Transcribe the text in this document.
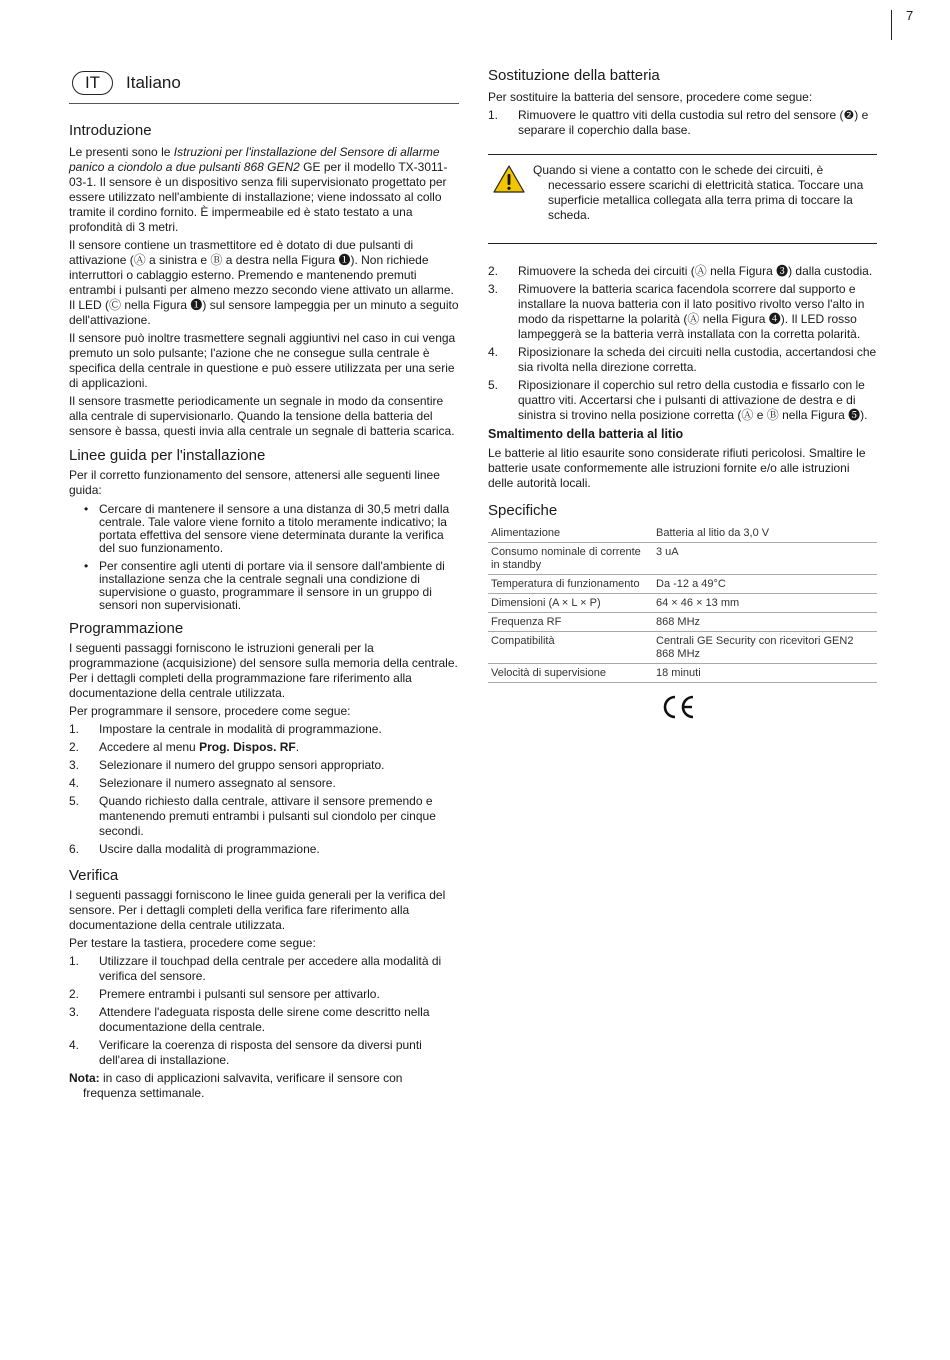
7
IT	Italiano
Introduzione

Le presenti sono le Istruzioni per l'installazione del Sensore di allarme panico a ciondolo a due pulsanti 868 GEN2 GE per il modello TX-3011-03-1. Il sensore è un dispositivo senza fili supervisionato progettato per essere utilizzato nell'ambiente di installazione; viene indossato al collo tramite il cordino fornito. È impermeabile ed è stato testato a una profondità di 3 metri.

Il sensore contiene un trasmettitore ed è dotato di due pulsanti di attivazione (Ⓐ a sinistra e Ⓑ a destra nella Figura ❶). Non richiede interruttori o cablaggio esterno. Premendo e mantenendo premuti entrambi i pulsanti per almeno mezzo secondo viene attivato un allarme. Il LED (Ⓒ nella Figura ❶) sul sensore lampeggia per un minuto a seguito dell'attivazione.

Il sensore può inoltre trasmettere segnali aggiuntivi nel caso in cui venga premuto un solo pulsante; l'azione che ne consegue sulla centrale è specifica della centrale in questione e può essere utilizzata per una serie di applicazioni.

Il sensore trasmette periodicamente un segnale in modo da consentire alla centrale di supervisionarlo. Quando la tensione della batteria del sensore è bassa, questi invia alla centrale un segnale di batteria scarica.

Linee guida per l'installazione

Per il corretto funzionamento del sensore, attenersi alle seguenti linee guida:

• Cercare di mantenere il sensore a una distanza di 30,5 metri dalla centrale. Tale valore viene fornito a titolo meramente indicativo; la portata effettiva del sensore viene determinata durante la verifica del suo funzionamento.
• Per consentire agli utenti di portare via il sensore dall'ambiente di installazione senza che la centrale segnali una condizione di supervisione o guasto, programmare il sensore in un gruppo di sensori non supervisionati.
Programmazione

I seguenti passaggi forniscono le istruzioni generali per la programmazione (acquisizione) del sensore sulla memoria della centrale. Per i dettagli completi della programmazione fare riferimento alla documentazione della centrale utilizzata.

Per programmare il sensore, procedere come segue:

1. Impostare la centrale in modalità di programmazione.
2. Accedere al menu Prog. Dispos. RF.
3. Selezionare il numero del gruppo sensori appropriato.
4. Selezionare il numero assegnato al sensore.
5. Quando richiesto dalla centrale, attivare il sensore premendo e mantenendo premuti entrambi i pulsanti sul ciondolo per cinque secondi.
6. Uscire dalla modalità di programmazione.
Verifica

I seguenti passaggi forniscono le linee guida generali per la verifica del sensore. Per i dettagli completi della verifica fare riferimento alla documentazione della centrale utilizzata.

Per testare la tastiera, procedere come segue:

1. Utilizzare il touchpad della centrale per accedere alla modalità di verifica del sensore.
2. Premere entrambi i pulsanti sul sensore per attivarlo.
3. Attendere l'adeguata risposta delle sirene come descritto nella documentazione della centrale.
4. Verificare la coerenza di risposta del sensore da diversi punti dell'area di installazione.

Nota: in caso di applicazioni salvavita, verificare il sensore con frequenza settimanale.

Sostituzione della batteria

Per sostituire la batteria del sensore, procedere come segue:

1. Rimuovere le quattro viti della custodia sul retro del sensore (❷) e separare il coperchio dalla base.

Quando si viene a contatto con le schede dei circuiti, è necessario essere scarichi di elettricità statica. Toccare una superficie metallica collegata alla terra prima di toccare la scheda.

2. Rimuovere la scheda dei circuiti (Ⓐ nella Figura ❸) dalla custodia.
3. Rimuovere la batteria scarica facendola scorrere dal supporto e installare la nuova batteria con il lato positivo rivolto verso l'alto in modo da rispettarne la polarità (Ⓐ nella Figura ❹). Il LED rosso lampeggerà se la batteria verrà installata con la corretta polarità.
4. Riposizionare la scheda dei circuiti nella custodia, accertandosi che sia rivolta nella direzione corretta.
5. Riposizionare il coperchio sul retro della custodia e fissarlo con le quattro viti. Accertarsi che i pulsanti di attivazione de destra e di sinistra si trovino nella posizione corretta (Ⓐ e Ⓑ nella Figura ❺).
Smaltimento della batteria al litio

Le batterie al litio esaurite sono considerate rifiuti pericolosi. Smaltire le batterie usate conformemente alle istruzioni fornite e/o alle istruzioni delle autorità locali.

Specifiche
Alimentazione	Batteria al litio da 3,0 V
Consumo nominale di corrente in standby	3 uA
Temperatura di funzionamento	Da -12 a 49°C
Dimensioni (A × L × P)	64 × 46 × 13 mm
Frequenza RF	868 MHz
Compatibilità	Centrali GE Security con ricevitori GEN2 868 MHz
Velocità di supervisione	18 minuti
